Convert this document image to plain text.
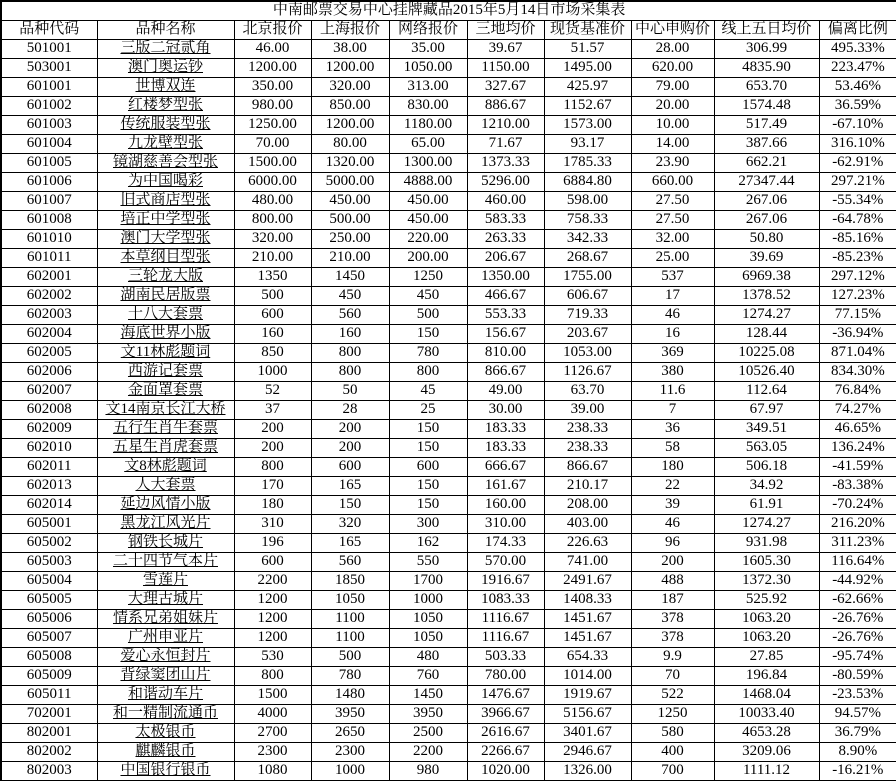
中南邮票交易中心挂牌藏品2015年5月14日市场采集表									
品种代码	品种名称	北京报价	上海报价	网络报价	三地均价	现货基准价	中心申购价	线上五日均价	偏离比例
501001	三版二冠贰角	46.00	38.00	35.00	39.67	51.57	28.00	306.99	495.33%
503001	澳门奥运钞	1200.00	1200.00	1050.00	1150.00	1495.00	620.00	4835.90	223.47%
601001	世博双连	350.00	320.00	313.00	327.67	425.97	79.00	653.70	53.46%
601002	红楼梦型张	980.00	850.00	830.00	886.67	1152.67	20.00	1574.48	36.59%
601003	传统服装型张	1250.00	1200.00	1180.00	1210.00	1573.00	10.00	517.49	-67.10%
601004	九龙壁型张	70.00	80.00	65.00	71.67	93.17	14.00	387.66	316.10%
601005	镜湖慈善会型张	1500.00	1320.00	1300.00	1373.33	1785.33	23.90	662.21	-62.91%
601006	为中国喝彩	6000.00	5000.00	4888.00	5296.00	6884.80	660.00	27347.44	297.21%
601007	旧式商店型张	480.00	450.00	450.00	460.00	598.00	27.50	267.06	-55.34%
601008	培正中学型张	800.00	500.00	450.00	583.33	758.33	27.50	267.06	-64.78%
601010	澳门大学型张	320.00	250.00	220.00	263.33	342.33	32.00	50.80	-85.16%
601011	本草纲目型张	210.00	210.00	200.00	206.67	268.67	25.00	39.69	-85.23%
602001	三轮龙大版	1350	1450	1250	1350.00	1755.00	537	6969.38	297.12%
602002	湖南民居版票	500	450	450	466.67	606.67	17	1378.52	127.23%
602003	十八大套票	600	560	500	553.33	719.33	46	1274.27	77.15%
602004	海底世界小版	160	160	150	156.67	203.67	16	128.44	-36.94%
602005	文11林彪题词	850	800	780	810.00	1053.00	369	10225.08	871.04%
602006	西游记套票	1000	800	800	866.67	1126.67	380	10526.40	834.30%
602007	金面罩套票	52	50	45	49.00	63.70	11.6	112.64	76.84%
602008	文14南京长江大桥	37	28	25	30.00	39.00	7	67.97	74.27%
602009	五行生肖牛套票	200	200	150	183.33	238.33	36	349.51	46.65%
602010	五星生肖虎套票	200	200	150	183.33	238.33	58	563.05	136.24%
602011	文8林彪题词	800	600	600	666.67	866.67	180	506.18	-41.59%
602013	人大套票	170	165	150	161.67	210.17	22	34.92	-83.38%
602014	延边风情小版	180	150	150	160.00	208.00	39	61.91	-70.24%
605001	黑龙江风光片	310	320	300	310.00	403.00	46	1274.27	216.20%
605002	钢铁长城片	196	165	162	174.33	226.63	96	931.98	311.23%
605003	二十四节气本片	600	560	550	570.00	741.00	200	1605.30	116.64%
605004	雪莲片	2200	1850	1700	1916.67	2491.67	488	1372.30	-44.92%
605005	大理古城片	1200	1050	1000	1083.33	1408.33	187	525.92	-62.66%
605006	情系兄弟姐妹片	1200	1100	1050	1116.67	1451.67	378	1063.20	-26.76%
605007	广州申亚片	1200	1100	1050	1116.67	1451.67	378	1063.20	-26.76%
605008	爱心永恒封片	530	500	480	503.33	654.33	9.9	27.85	-95.74%
605009	背绿窦团山片	800	780	760	780.00	1014.00	70	196.84	-80.59%
605011	和谐动车片	1500	1480	1450	1476.67	1919.67	522	1468.04	-23.53%
702001	和一精制流通币	4000	3950	3950	3966.67	5156.67	1250	10033.40	94.57%
802001	太极银币	2700	2650	2500	2616.67	3401.67	580	4653.28	36.79%
802002	麒麟银币	2300	2300	2200	2266.67	2946.67	400	3209.06	8.90%
802003	中国银行银币	1080	1000	980	1020.00	1326.00	700	1111.12	-16.21%
